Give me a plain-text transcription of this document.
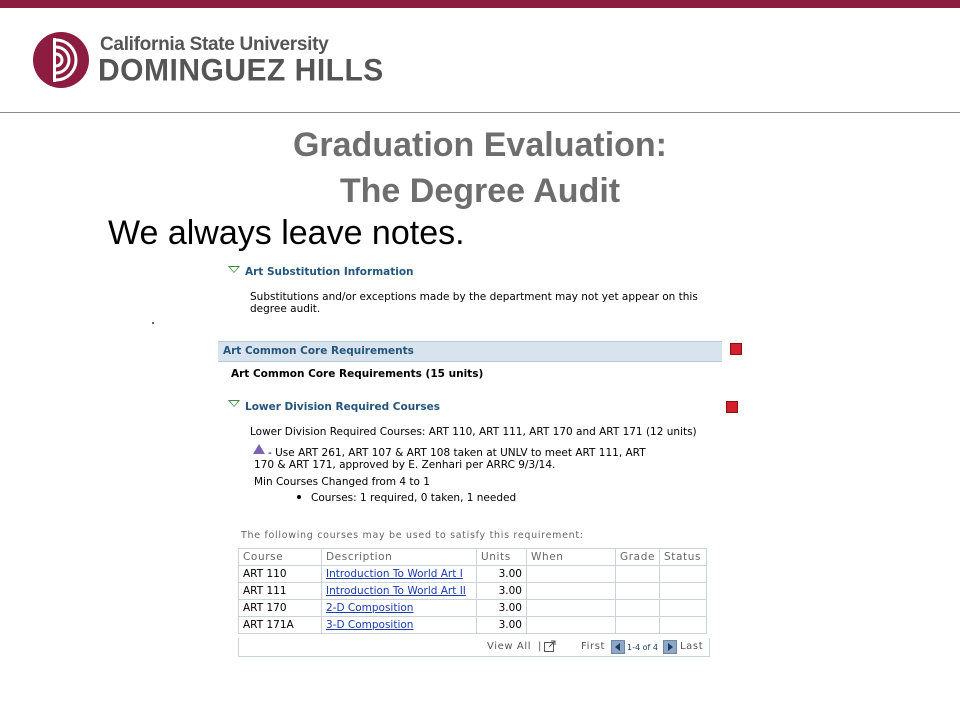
California State University
DOMINGUEZ HILLS
Graduation Evaluation:
The Degree Audit
We always leave notes.
Art Substitution Information
Substitutions and/or exceptions made by the department may not yet appear on this
degree audit.
Art Common Core Requirements
Art Common Core Requirements (15 units)
Lower Division Required Courses
Lower Division Required Courses: ART 110, ART 111, ART 170 and ART 171 (12 units)
- Use ART 261, ART 107 & ART 108 taken at UNLV to meet ART 111, ART
170 & ART 171, approved by E. Zenhari per ARRC 9/3/14.
Min Courses Changed from 4 to 1
Courses: 1 required, 0 taken, 1 needed
The following courses may be used to satisfy this requirement:
Course	Description	Units	When	Grade	Status
ART 110	Introduction To World Art I	3.00			
ART 111	Introduction To World Art II	3.00			
ART 170	2-D Composition	3.00			
ART 171A	3-D Composition	3.00			
View All |	First	1-4 of 4 Last
